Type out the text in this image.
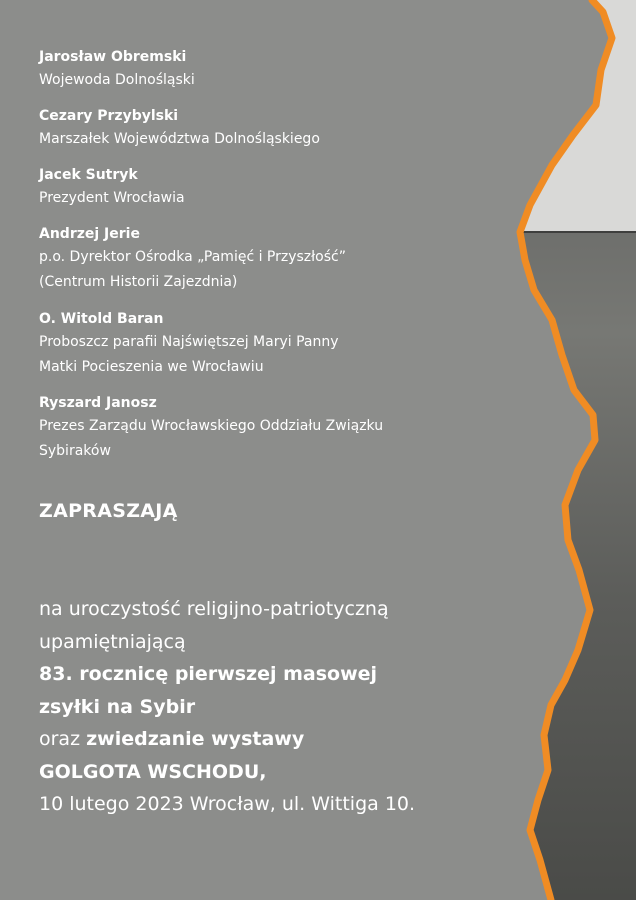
Jarosław Obremski
Wojewoda Dolnośląski
Cezary Przybylski
Marszałek Województwa Dolnośląskiego
Jacek Sutryk
Prezydent Wrocławia
Andrzej Jerie
p.o. Dyrektor Ośrodka „Pamięć i Przyszłość”
(Centrum Historii Zajezdnia)
O. Witold Baran
Proboszcz parafii Najświętszej Maryi Panny
Matki Pocieszenia we Wrocławiu
Ryszard Janosz
Prezes Zarządu Wrocławskiego Oddziału Związku
Sybiraków
ZAPRASZAJĄ
na uroczystość religijno-patriotyczną
upamiętniającą
83. rocznicę pierwszej masowej
zsyłki na Sybir
oraz zwiedzanie wystawy
GOLGOTA WSCHODU,
10 lutego 2023 Wrocław, ul. Wittiga 10.
